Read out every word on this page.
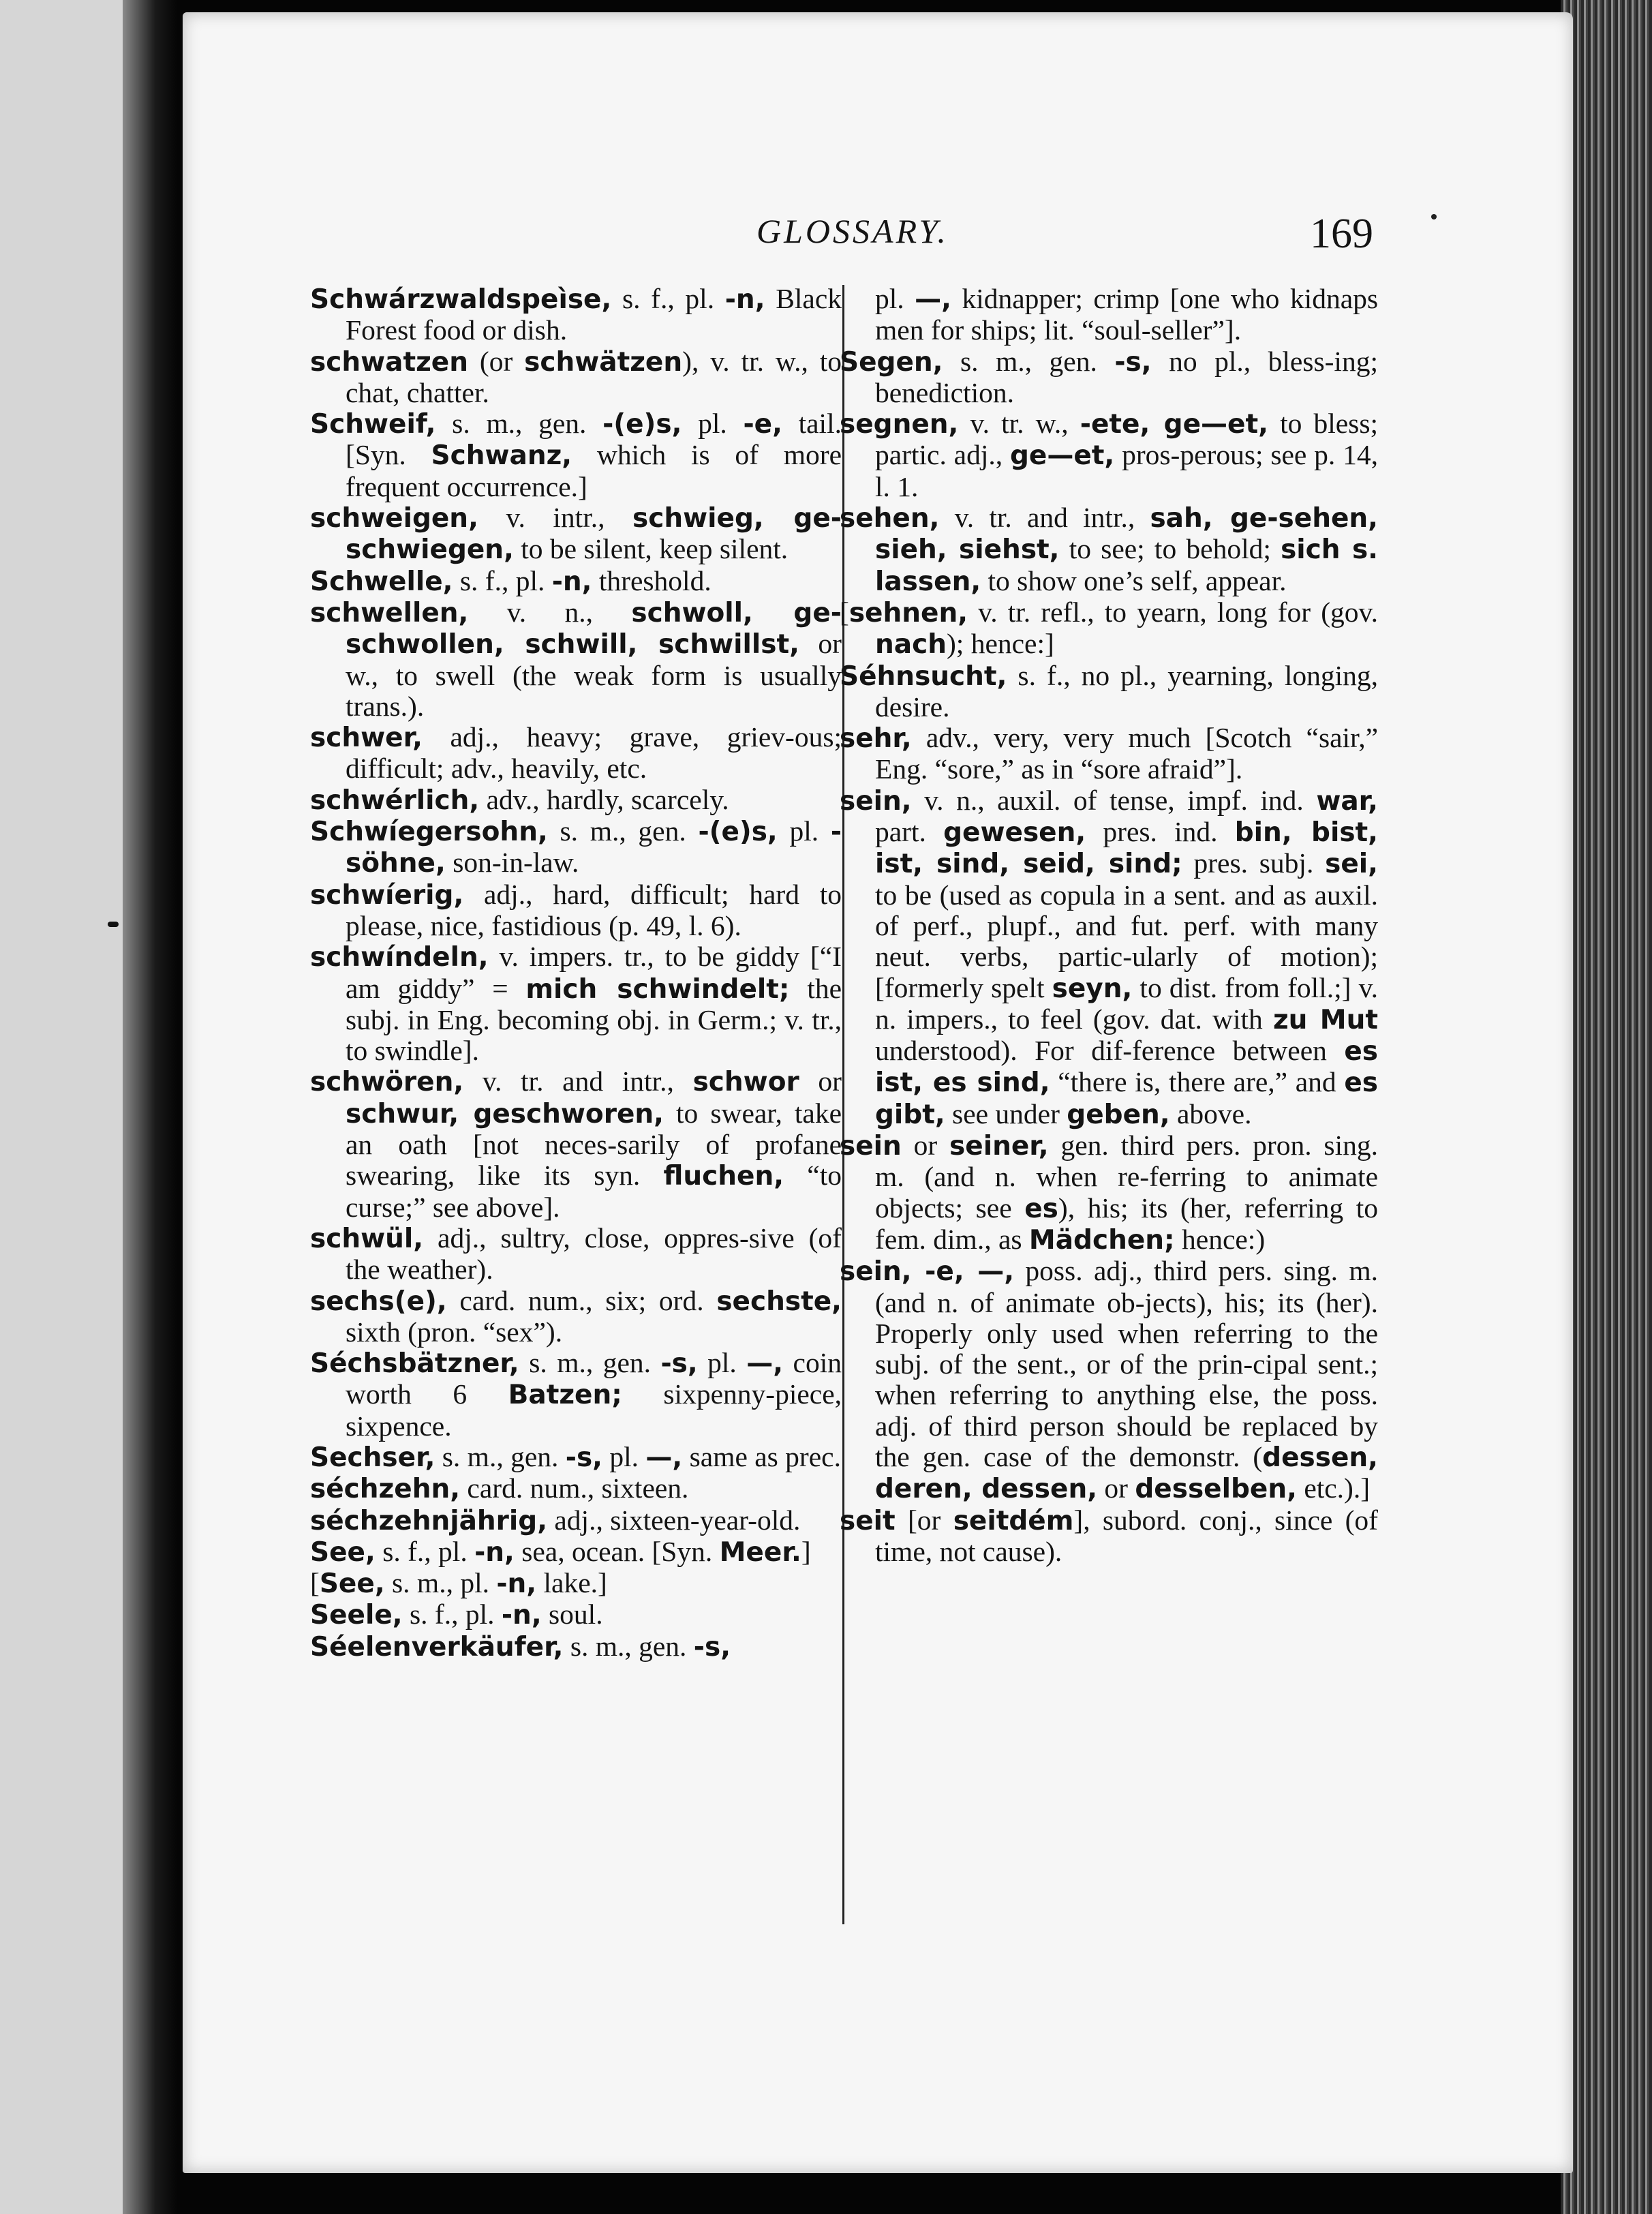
GLOSSARY.	169
Schwárzwaldspeìse, s. f., pl. -n, Black Forest food or dish.
schwatzen (or schwätzen), v. tr. w., to chat, chatter.
Schweif, s. m., gen. -(e)s, pl. -e, tail. [Syn. Schwanz, which is of more frequent occurrence.]
schweigen, v. intr., schwieg, ge-schwiegen, to be silent, keep silent.
Schwelle, s. f., pl. -n, threshold.
schwellen, v. n., schwoll, ge-schwollen, schwill, schwillst, or w., to swell (the weak form is usually trans.).
schwer, adj., heavy; grave, griev-ous; difficult; adv., heavily, etc.
schwérlich, adv., hardly, scarcely.
Schwíegersohn, s. m., gen. -(e)s, pl. -söhne, son-in-law.
schwíerig, adj., hard, difficult; hard to please, nice, fastidious (p. 49, l. 6).
schwíndeln, v. impers. tr., to be giddy [“I am giddy” = mich schwindelt; the subj. in Eng. becoming obj. in Germ.; v. tr., to swindle].
schwören, v. tr. and intr., schwor or schwur, geschworen, to swear, take an oath [not neces-sarily of profane swearing, like its syn. fluchen, “to curse;” see above].
schwül, adj., sultry, close, oppres-sive (of the weather).
sechs(e), card. num., six; ord. sechste, sixth (pron. “sex”).
Séchsbätzner, s. m., gen. -s, pl. —, coin worth 6 Batzen; sixpenny-piece, sixpence.
Sechser, s. m., gen. -s, pl. —, same as prec.
séchzehn, card. num., sixteen.
séchzehnjährig, adj., sixteen-year-old.
See, s. f., pl. -n, sea, ocean. [Syn. Meer.]
[See, s. m., pl. -n, lake.]
Seele, s. f., pl. -n, soul.
Séelenverkäufer, s. m., gen. -s,
pl. —, kidnapper; crimp [one who kidnaps men for ships; lit. “soul-seller”].
Segen, s. m., gen. -s, no pl., bless-ing; benediction.
segnen, v. tr. w., -ete, ge—et, to bless; partic. adj., ge—et, pros-perous; see p. 14, l. 1.
sehen, v. tr. and intr., sah, ge-sehen, sieh, siehst, to see; to behold; sich s. lassen, to show one’s self, appear.
[sehnen, v. tr. refl., to yearn, long for (gov. nach); hence:]
Séhnsucht, s. f., no pl., yearning, longing, desire.
sehr, adv., very, very much [Scotch “sair,” Eng. “sore,” as in “sore afraid”].
sein, v. n., auxil. of tense, impf. ind. war, part. gewesen, pres. ind. bin, bist, ist, sind, seid, sind; pres. subj. sei, to be (used as copula in a sent. and as auxil. of perf., plupf., and fut. perf. with many neut. verbs, partic-ularly of motion); [formerly spelt seyn, to dist. from foll.;] v. n. impers., to feel (gov. dat. with zu Mut understood). For dif-ference between es ist, es sind, “there is, there are,” and es gibt, see under geben, above.
sein or seiner, gen. third pers. pron. sing. m. (and n. when re-ferring to animate objects; see es), his; its (her, referring to fem. dim., as Mädchen; hence:)
sein, -e, —, poss. adj., third pers. sing. m. (and n. of animate ob-jects), his; its (her). Properly only used when referring to the subj. of the sent., or of the prin-cipal sent.; when referring to anything else, the poss. adj. of third person should be replaced by the gen. case of the demonstr. (dessen, deren, dessen, or desselben, etc.).]
seit [or seitdém], subord. conj., since (of time, not cause).
